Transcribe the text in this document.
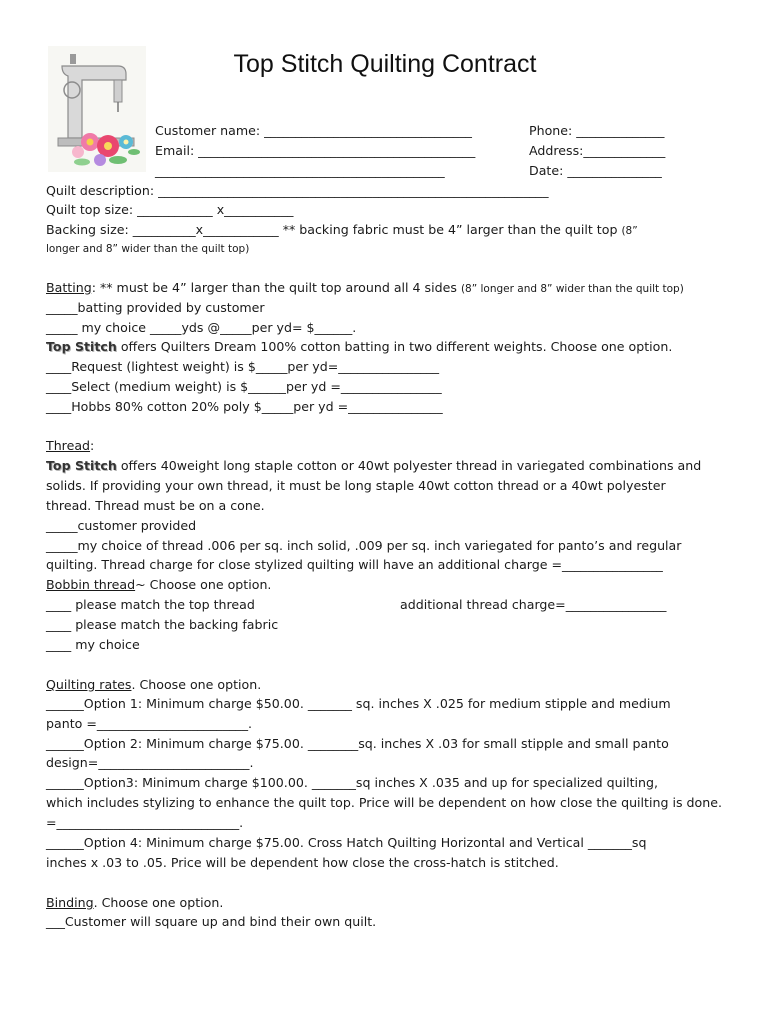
Top Stitch Quilting Contract
Customer name: _________________________________	Phone: ______________
Email: ____________________________________________	Address:_____________
______________________________________________	Date: _______________
Quilt description: ______________________________________________________________
Quilt top size: ____________ x___________
Backing size: __________x____________ ** backing fabric must be 4” larger than the quilt top (8”
longer and 8” wider than the quilt top)
Batting: ** must be 4” larger than the quilt top around all 4 sides (8” longer and 8” wider than the quilt top)
_____batting provided by customer
_____ my choice _____yds @_____per yd= $______.
Top Stitch offers Quilters Dream 100% cotton batting in two different weights. Choose one option.
____Request (lightest weight) is $_____per yd=________________
____Select (medium weight) is $______per yd =________________
____Hobbs 80% cotton 20% poly $_____per yd =_______________
Thread:
Top Stitch offers 40weight long staple cotton or 40wt polyester thread in variegated combinations and
solids. If providing your own thread, it must be long staple 40wt cotton thread or a 40wt polyester
thread. Thread must be on a cone.
_____customer provided
_____my choice of thread .006 per sq. inch solid, .009 per sq. inch variegated for panto’s and regular
quilting. Thread charge for close stylized quilting will have an additional charge =________________
Bobbin thread~ Choose one option.
____ please match the top thread	additional thread charge=________________
____ please match the backing fabric
____ my choice
Quilting rates. Choose one option.
______Option 1: Minimum charge $50.00. _______ sq. inches X .025 for medium stipple and medium
panto =________________________.
______Option 2: Minimum charge $75.00. ________sq. inches X .03 for small stipple and small panto
design=________________________.
______Option3: Minimum charge $100.00. _______sq inches X .035 and up for specialized quilting,
which includes stylizing to enhance the quilt top. Price will be dependent on how close the quilting is done.
=_____________________________.
______Option 4: Minimum charge $75.00. Cross Hatch Quilting Horizontal and Vertical _______sq
inches x .03 to .05. Price will be dependent how close the cross-hatch is stitched.
Binding. Choose one option.
___Customer will square up and bind their own quilt.
